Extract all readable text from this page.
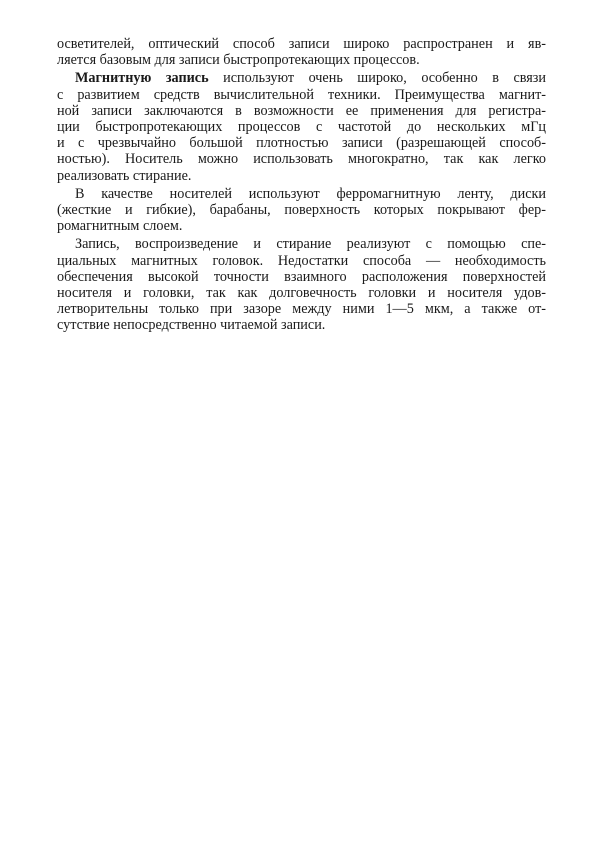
осветителей, оптический способ записи широко распространен и яв-
ляется базовым для записи быстропротекающих процессов.

Магнитную запись используют очень широко, особенно в связи
с развитием средств вычислительной техники. Преимущества магнит-
ной записи заключаются в возможности ее применения для регистра-
ции быстропротекающих процессов с частотой до нескольких мГц
и с чрезвычайно большой плотностью записи (разрешающей способ-
ностью). Носитель можно использовать многократно, так как легко
реализовать стирание.

В качестве носителей используют ферромагнитную ленту, диски
(жесткие и гибкие), барабаны, поверхность которых покрывают фер-
ромагнитным слоем.

Запись, воспроизведение и стирание реализуют с помощью спе-
циальных магнитных головок. Недостатки способа — необходимость
обеспечения высокой точности взаимного расположения поверхностей
носителя и головки, так как долговечность головки и носителя удов-
летворительны только при зазоре между ними 1—5 мкм, а также от-
сутствие непосредственно читаемой записи.
